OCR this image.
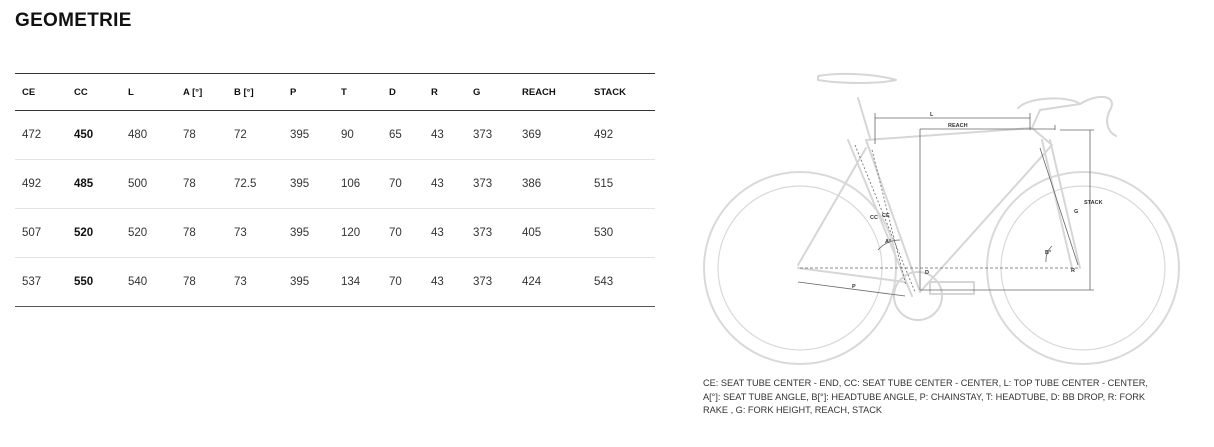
GEOMETRIE
CE	CC	L	A [°]	B [°]	P	T	D	R	G	REACH	STACK
472	450	480	78	72	395	90	65	43	373	369	492
492	485	500	78	72.5	395	106	70	43	373	386	515
507	520	520	78	73	395	120	70	43	373	405	530
537	550	540	78	73	395	134	70	43	373	424	543
L
REACH
STACK
CC CE
A°
B°
G
P
D	R
CE: SEAT TUBE CENTER - END, CC: SEAT TUBE CENTER - CENTER, L: TOP TUBE CENTER - CENTER, A[°]: SEAT TUBE ANGLE, B[°]: HEADTUBE ANGLE, P: CHAINSTAY, T: HEADTUBE, D: BB DROP, R: FORK RAKE , G: FORK HEIGHT, REACH, STACK
